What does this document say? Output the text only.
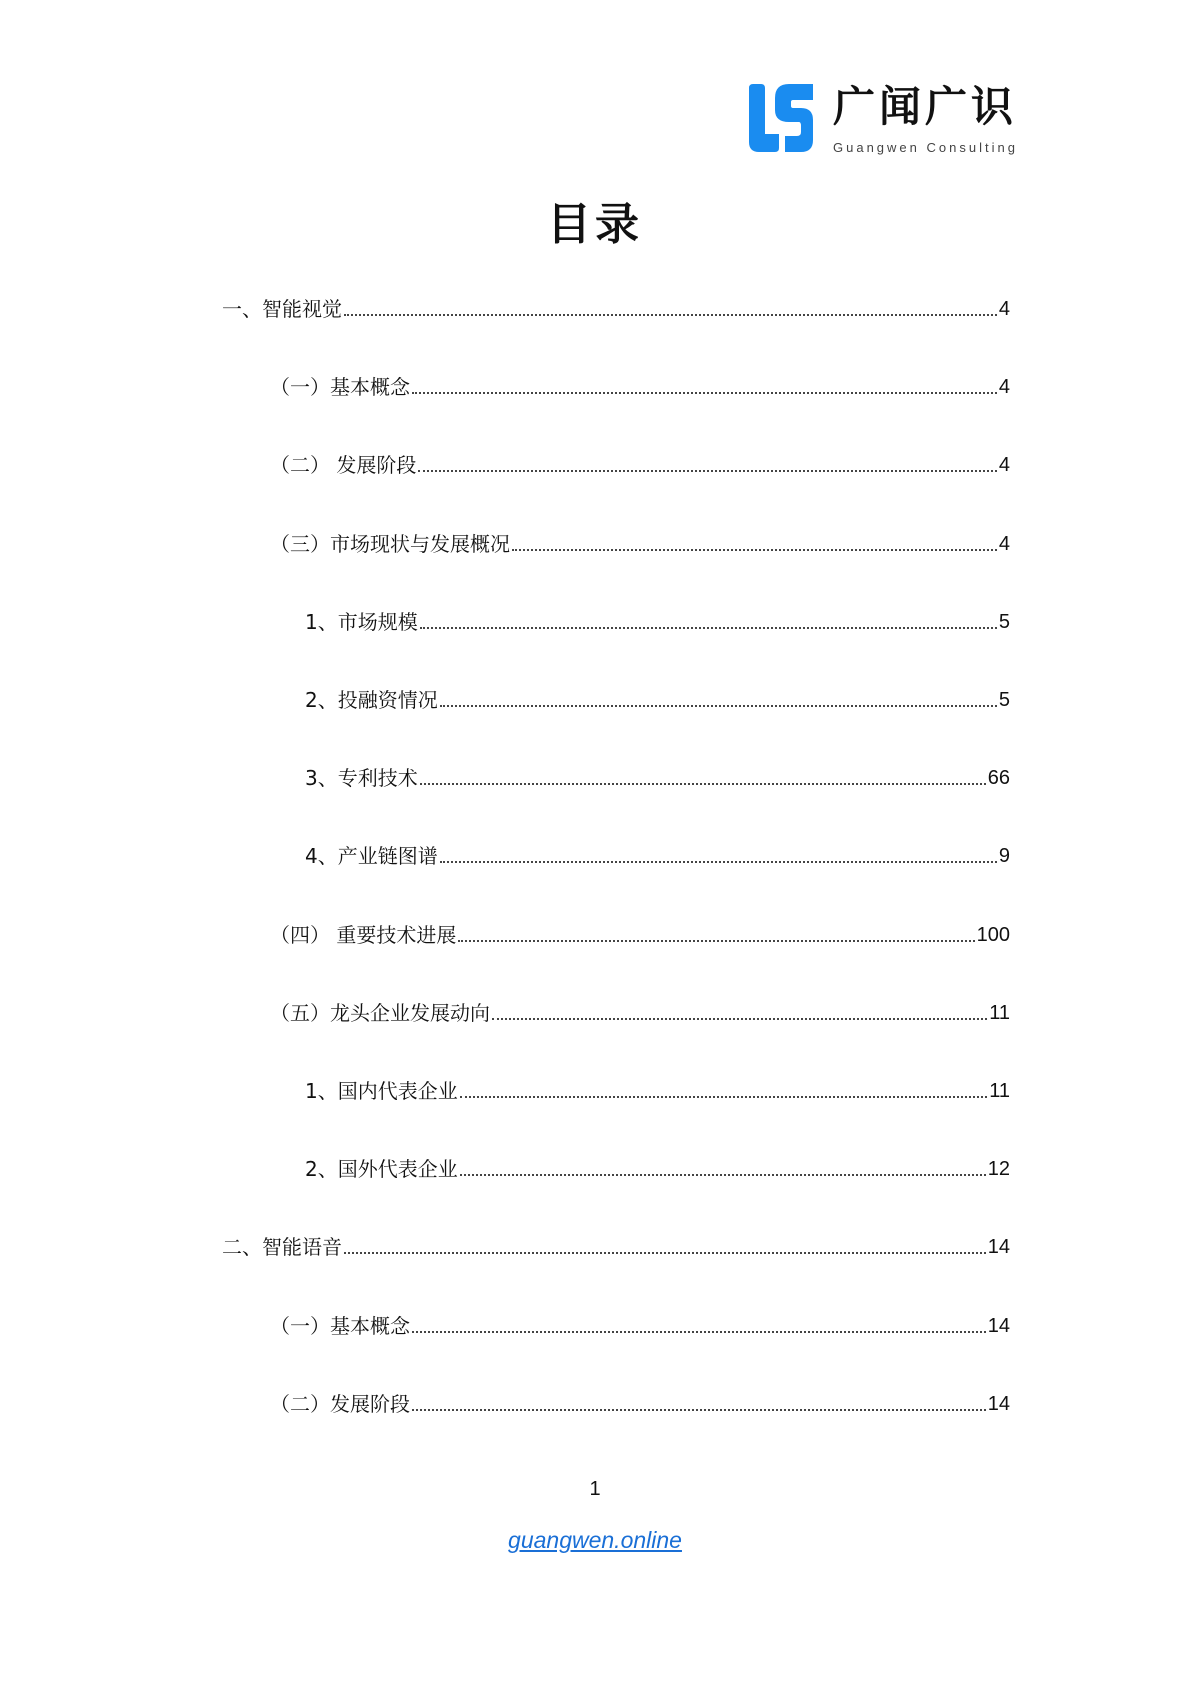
广闻广识
Guangwen Consulting
目录
一、智能视觉	4
（一）基本概念	4
（二） 发展阶段	4
（三）市场现状与发展概况	4
1、市场规模	5
2、投融资情况	5
3、专利技术	66
4、产业链图谱	9
（四） 重要技术进展	100
（五）龙头企业发展动向	11
1、国内代表企业	11
2、国外代表企业	12
二、智能语音	14
（一）基本概念	14
（二）发展阶段	14
1
guangwen.online
